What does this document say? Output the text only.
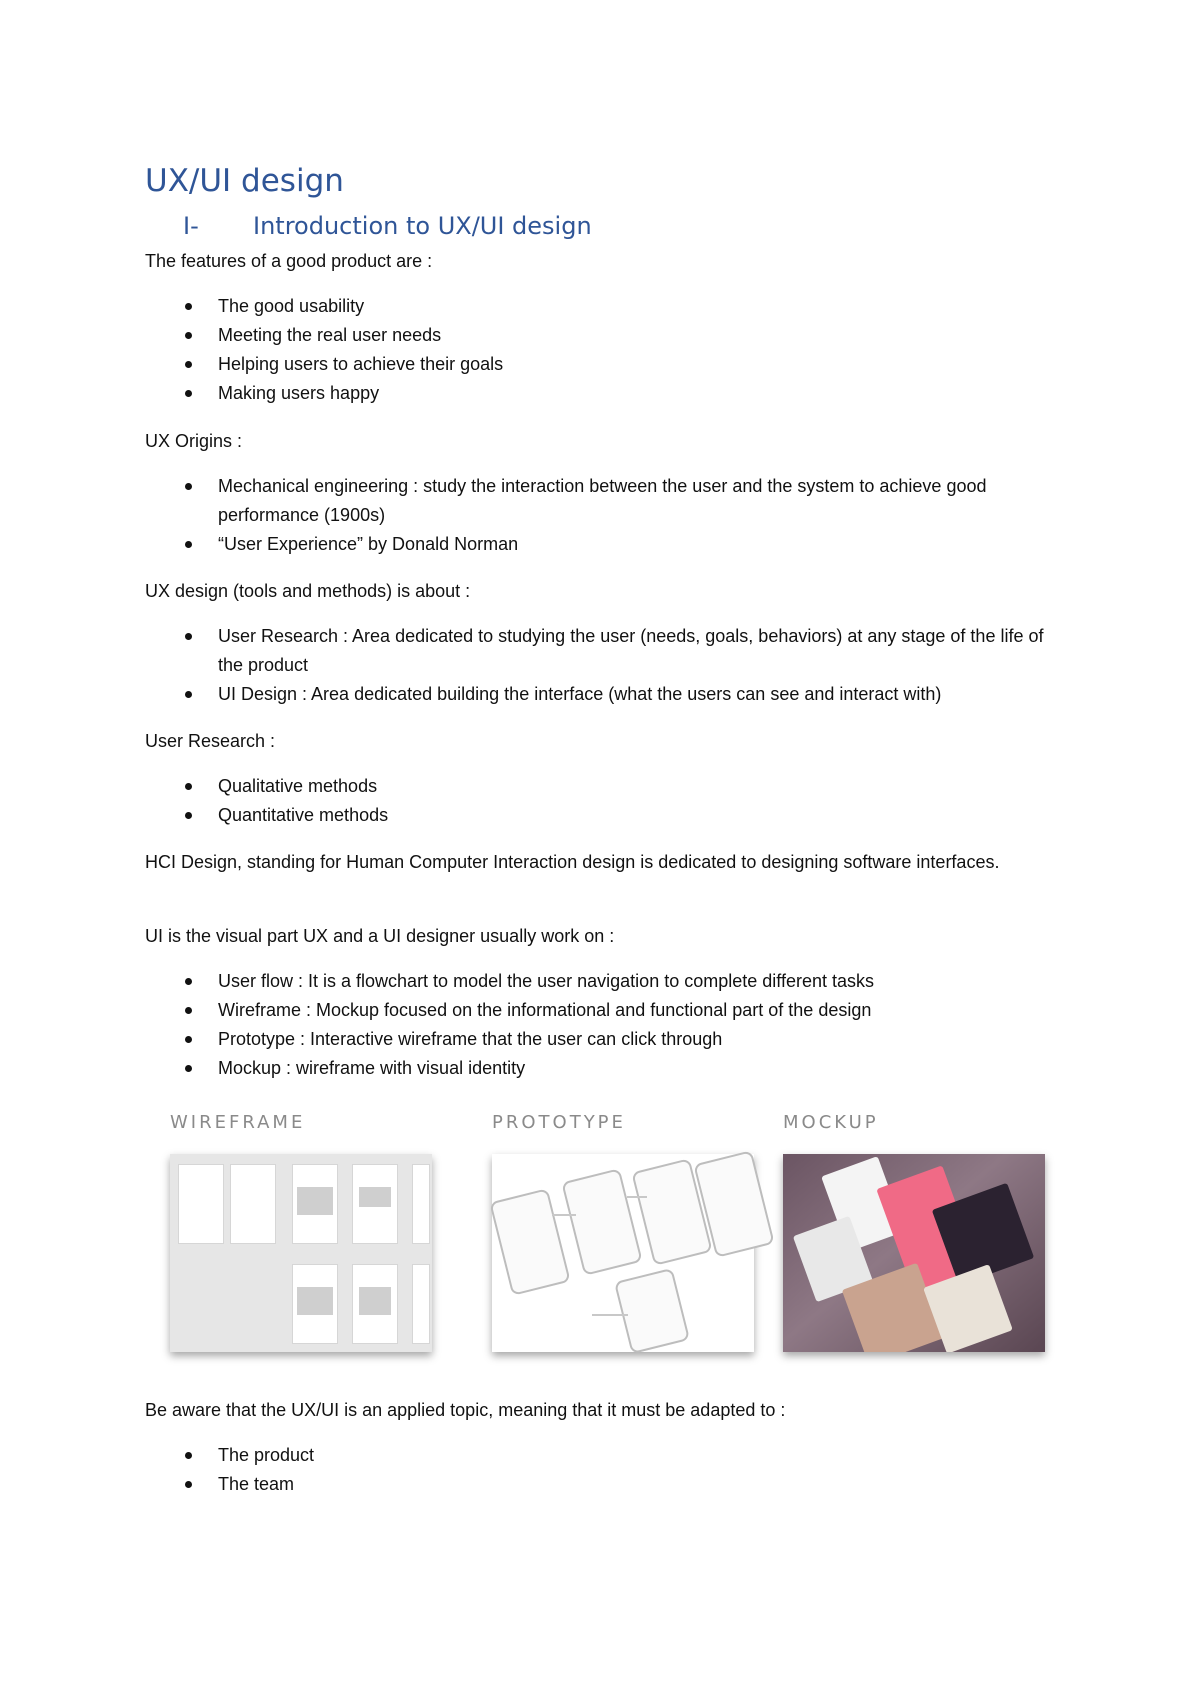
UX/UI design
I- Introduction to UX/UI design

The features of a good product are :

The good usability
Meeting the real user needs
Helping users to achieve their goals
Making users happy

UX Origins :

Mechanical engineering : study the interaction between the user and the system to achieve good performance (1900s)
“User Experience” by Donald Norman

UX design (tools and methods) is about :

User Research : Area dedicated to studying the user (needs, goals, behaviors) at any stage of the life of the product
UI Design : Area dedicated building the interface (what the users can see and interact with)

User Research :

Qualitative methods
Quantitative methods

HCI Design, standing for Human Computer Interaction design is dedicated to designing software interfaces.

UI is the visual part UX and a UI designer usually work on :

User flow : It is a flowchart to model the user navigation to complete different tasks
Wireframe : Mockup focused on the informational and functional part of the design
Prototype : Interactive wireframe that the user can click through
Mockup : wireframe with visual identity
WIREFRAME	PROTOTYPE	MOCKUP

Be aware that the UX/UI is an applied topic, meaning that it must be adapted to :

The product
The team
